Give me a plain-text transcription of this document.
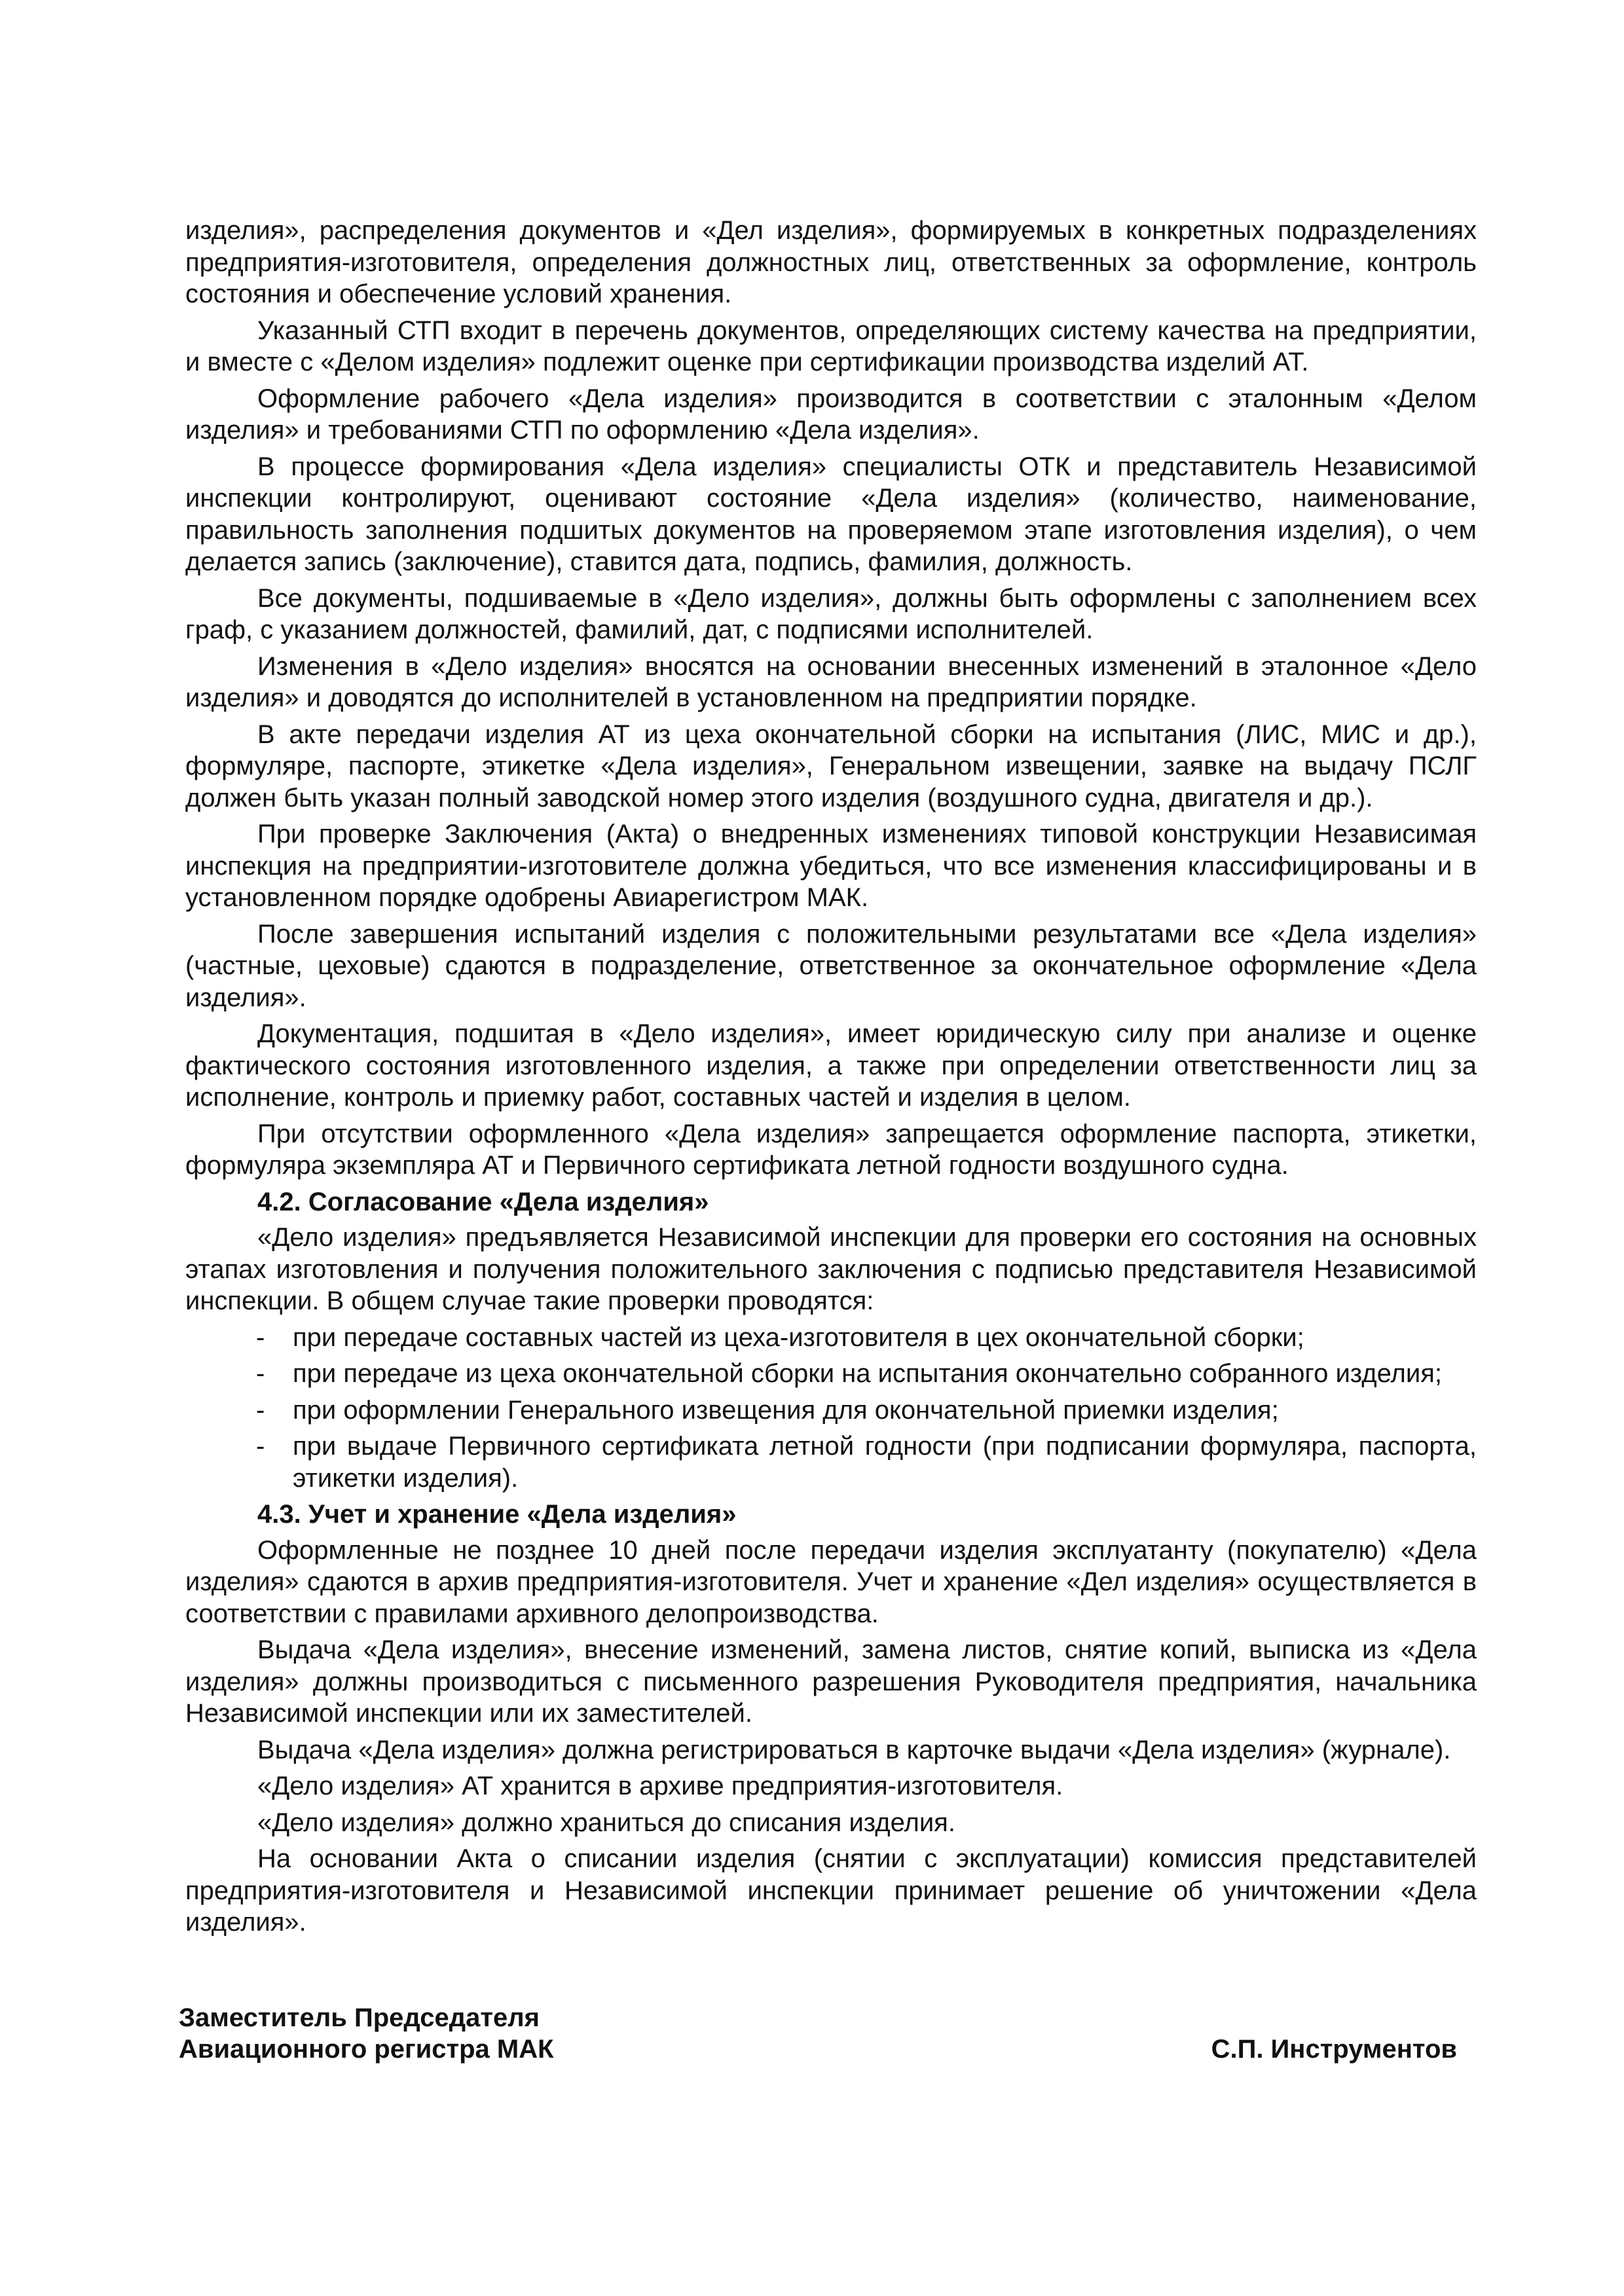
изделия», распределения документов и «Дел изделия», формируемых в конкретных подразделениях предприятия-изготовителя, определения должностных лиц, ответственных за оформление, контроль состояния и обеспечение условий хранения.

Указанный СТП входит в перечень документов, определяющих систему качества на предприятии, и вместе с «Делом изделия» подлежит оценке при сертификации производства изделий АТ.

Оформление рабочего «Дела изделия» производится в соответствии с эталонным «Делом изделия» и требованиями СТП по оформлению «Дела изделия».

В процессе формирования «Дела изделия» специалисты ОТК и представитель Независимой инспекции контролируют, оценивают состояние «Дела изделия» (количество, наименование, правильность заполнения подшитых документов на проверяемом этапе изготовления изделия), о чем делается запись (заключение), ставится дата, подпись, фамилия, должность.

Все документы, подшиваемые в «Дело изделия», должны быть оформлены с заполнением всех граф, с указанием должностей, фамилий, дат, с подписями исполнителей.

Изменения в «Дело изделия» вносятся на основании внесенных изменений в эталонное «Дело изделия» и доводятся до исполнителей в установленном на предприятии порядке.

В акте передачи изделия АТ из цеха окончательной сборки на испытания (ЛИС, МИС и др.), формуляре, паспорте, этикетке «Дела изделия», Генеральном извещении, заявке на выдачу ПСЛГ должен быть указан полный заводской номер этого изделия (воздушного судна, двигателя и др.).

При проверке Заключения (Акта) о внедренных изменениях типовой конструкции Независимая инспекция на предприятии-изготовителе должна убедиться, что все изменения классифицированы и в установленном порядке одобрены Авиарегистром МАК.

После завершения испытаний изделия с положительными результатами все «Дела изделия» (частные, цеховые) сдаются в подразделение, ответственное за окончательное оформление «Дела изделия».

Документация, подшитая в «Дело изделия», имеет юридическую силу при анализе и оценке фактического состояния изготовленного изделия, а также при определении ответственности лиц за исполнение, контроль и приемку работ, составных частей и изделия в целом.

При отсутствии оформленного «Дела изделия» запрещается оформление паспорта, этикетки, формуляра экземпляра АТ и Первичного сертификата летной годности воздушного судна.

4.2. Согласование «Дела изделия»

«Дело изделия» предъявляется Независимой инспекции для проверки его состояния на основных этапах изготовления и получения положительного заключения с подписью представителя Независимой инспекции. В общем случае такие проверки проводятся:

- при передаче составных частей из цеха-изготовителя в цех окончательной сборки;
- при передаче из цеха окончательной сборки на испытания окончательно собранного изделия;
- при оформлении Генерального извещения для окончательной приемки изделия;
- при выдаче Первичного сертификата летной годности (при подписании формуляра, паспорта, этикетки изделия).
4.3. Учет и хранение «Дела изделия»

Оформленные не позднее 10 дней после передачи изделия эксплуатанту (покупателю) «Дела изделия» сдаются в архив предприятия-изготовителя. Учет и хранение «Дел изделия» осуществляется в соответствии с правилами архивного делопроизводства.

Выдача «Дела изделия», внесение изменений, замена листов, снятие копий, выписка из «Дела изделия» должны производиться с письменного разрешения Руководителя предприятия, начальника Независимой инспекции или их заместителей.

Выдача «Дела изделия» должна регистрироваться в карточке выдачи «Дела изделия» (журнале).

«Дело изделия» АТ хранится в архиве предприятия-изготовителя.

«Дело изделия» должно храниться до списания изделия.

На основании Акта о списании изделия (снятии с эксплуатации) комиссия представителей предприятия-изготовителя и Независимой инспекции принимает решение об уничтожении «Дела изделия».

Заместитель Председателя
Авиационного регистра МАК	С.П. Инструментов
